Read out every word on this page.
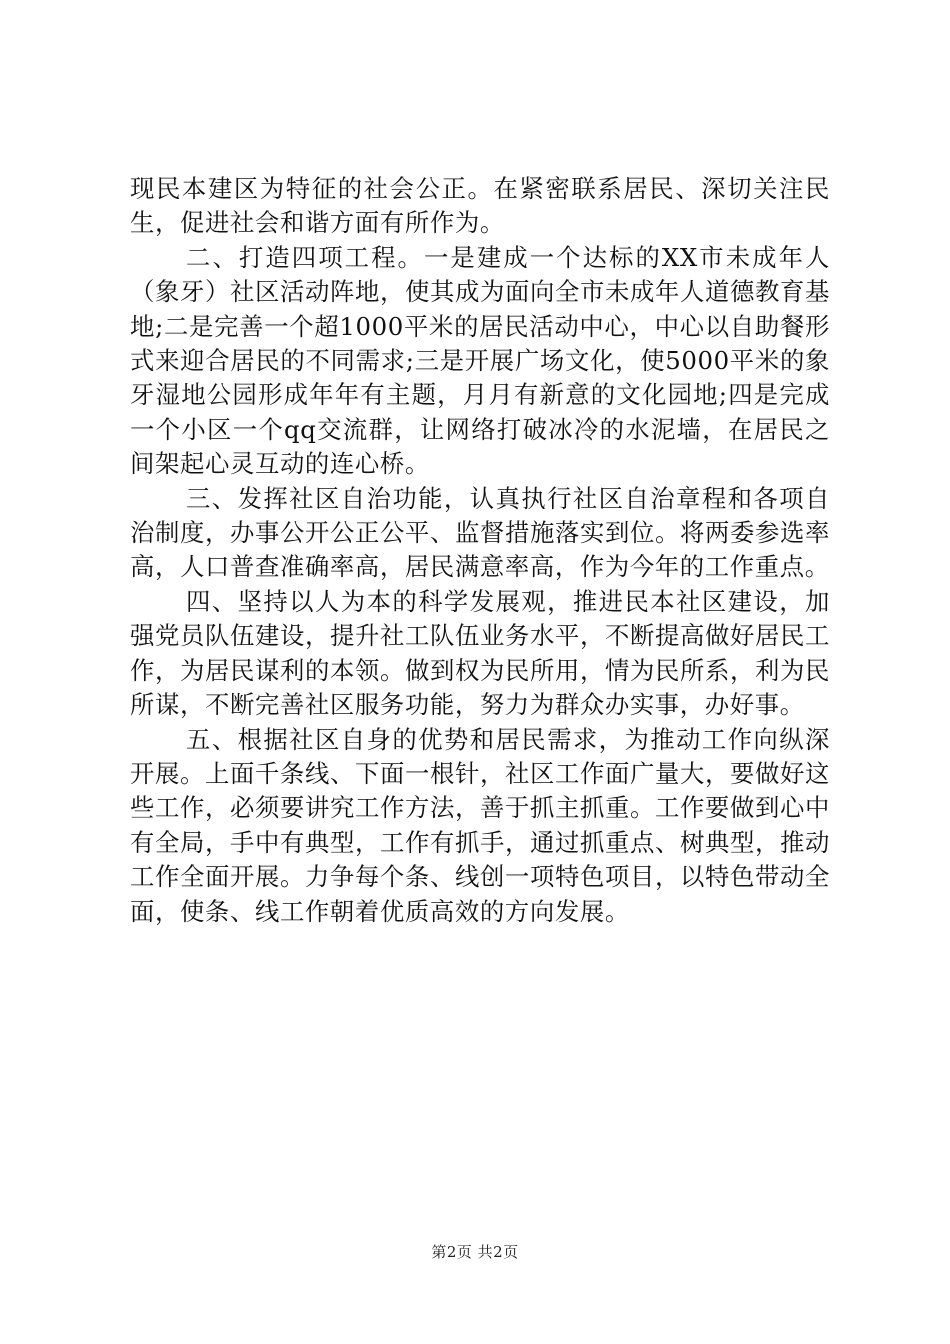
现民本建区为特征的社会公正。在紧密联系居民、深切关注民生，促进社会和谐方面有所作为。

二、打造四项工程。一是建成一个达标的XX市未成年人（象牙）社区活动阵地，使其成为面向全市未成年人道德教育基地;二是完善一个超1000平米的居民活动中心，中心以自助餐形式来迎合居民的不同需求;三是开展广场文化，使5000平米的象牙湿地公园形成年年有主题，月月有新意的文化园地;四是完成一个小区一个qq交流群，让网络打破冰冷的水泥墙，在居民之间架起心灵互动的连心桥。

三、发挥社区自治功能，认真执行社区自治章程和各项自治制度，办事公开公正公平、监督措施落实到位。将两委参选率高，人口普查准确率高，居民满意率高，作为今年的工作重点。

四、坚持以人为本的科学发展观，推进民本社区建设，加强党员队伍建设，提升社工队伍业务水平，不断提高做好居民工作，为居民谋利的本领。做到权为民所用，情为民所系，利为民所谋，不断完善社区服务功能，努力为群众办实事，办好事。

五、根据社区自身的优势和居民需求，为推动工作向纵深开展。上面千条线、下面一根针，社区工作面广量大，要做好这些工作，必须要讲究工作方法，善于抓主抓重。工作要做到心中有全局，手中有典型，工作有抓手，通过抓重点、树典型，推动工作全面开展。力争每个条、线创一项特色项目，以特色带动全面，使条、线工作朝着优质高效的方向发展。

第2页 共2页
